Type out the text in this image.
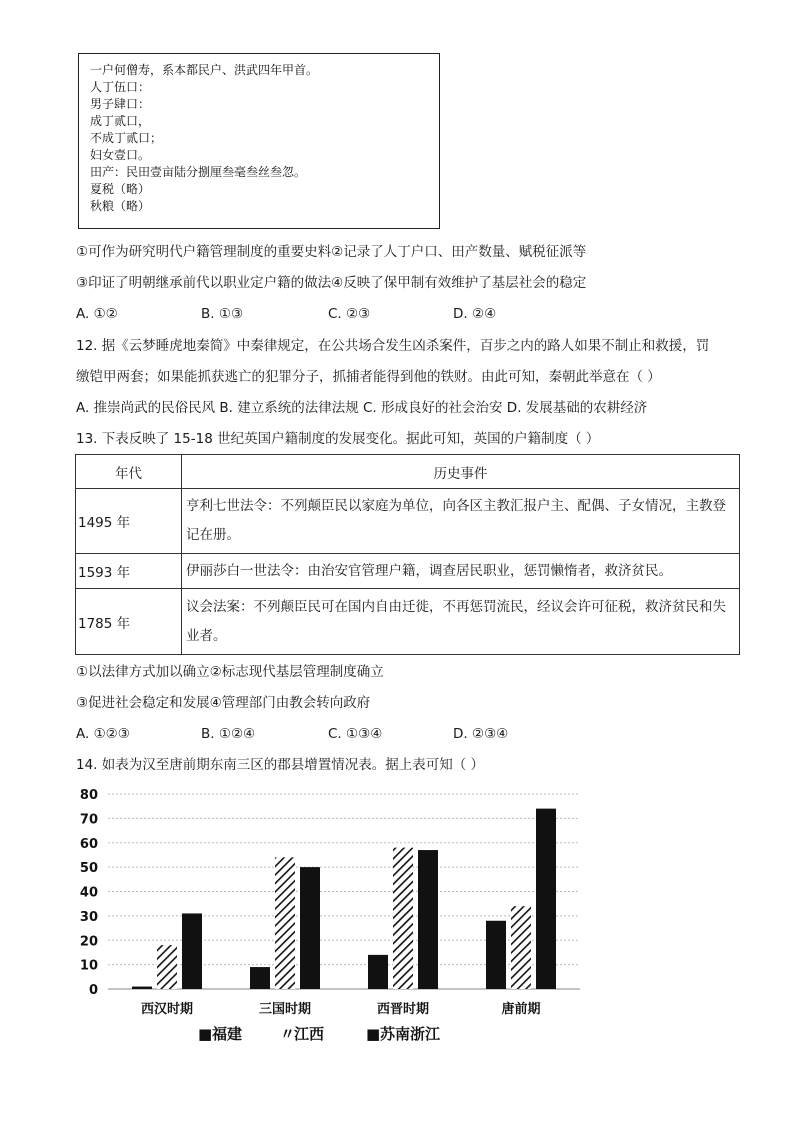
一户何僧寿，系本都民户、洪武四年甲首。
人丁伍口：
男子肆口：
成丁贰口，
不成丁贰口；
妇女壹口。
田产：民田壹亩陆分捌厘叁毫叁丝叁忽。
夏税（略）
秋粮（略）
①可作为研究明代户籍管理制度的重要史料②记录了人丁户口、田产数量、赋税征派等
③印证了明朝继承前代以职业定户籍的做法④反映了保甲制有效维护了基层社会的稳定
A. ①②	B. ①③	C. ②③	D. ②④
12. 据《云梦睡虎地秦简》中秦律规定，在公共场合发生凶杀案件，百步之内的路人如果不制止和救援，罚
缴铠甲两套；如果能抓获逃亡的犯罪分子，抓捕者能得到他的铁财。由此可知，秦朝此举意在（ ）
A. 推崇尚武的民俗民风 B. 建立系统的法律法规 C. 形成良好的社会治安 D. 发展基础的农耕经济
13. 下表反映了 15-18 世纪英国户籍制度的发展变化。据此可知，英国的户籍制度（ ）
年代	历史事件
1495 年	亨利七世法令：不列颠臣民以家庭为单位，向各区主教汇报户主、配偶、子女情况，主教登记在册。
1593 年	伊丽莎白一世法令：由治安官管理户籍，调查居民职业，惩罚懒惰者，救济贫民。
1785 年	议会法案：不列颠臣民可在国内自由迁徙，不再惩罚流民，经议会许可征税，救济贫民和失业者。
①以法律方式加以确立②标志现代基层管理制度确立
③促进社会稳定和发展④管理部门由教会转向政府
A. ①②③	B. ①②④	C. ①③④	D. ②③④
14. 如表为汉至唐前期东南三区的郡县增置情况表。据上表可知（ ）
0
10
20
30
40
50
60
70
80
西汉时期	三国时期	西晋时期	唐前期
■ 福建	〃
江西	■ 苏南浙江
